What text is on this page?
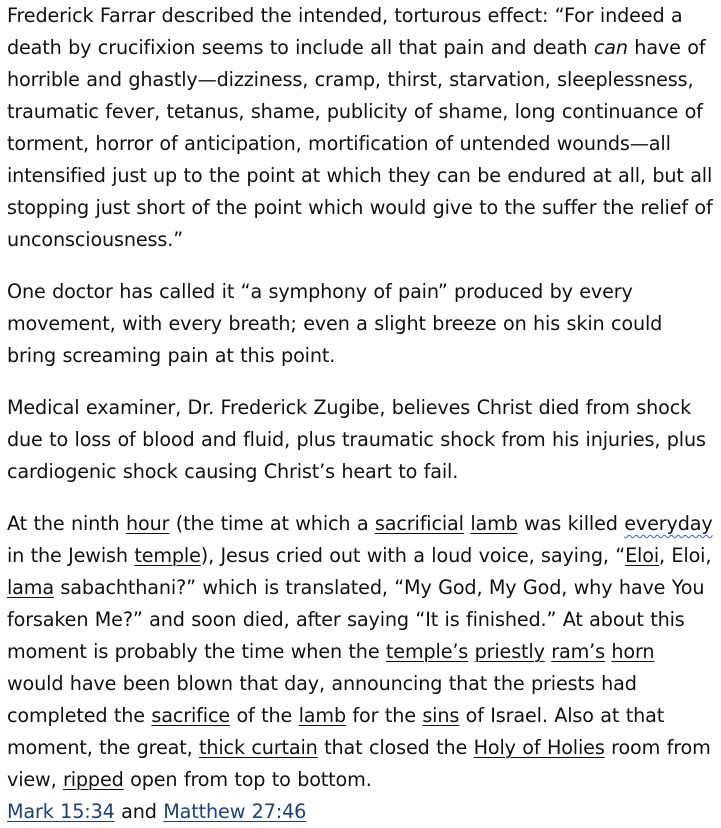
Frederick Farrar described the intended, torturous effect: “For indeed a death by crucifixion seems to include all that pain and death can have of horrible and ghastly—dizziness, cramp, thirst, starvation, sleeplessness, traumatic fever, tetanus, shame, publicity of shame, long continuance of torment, horror of anticipation, mortification of untended wounds—all intensified just up to the point at which they can be endured at all, but all stopping just short of the point which would give to the suffer the relief of unconsciousness.”

One doctor has called it “a symphony of pain” produced by every movement, with every breath; even a slight breeze on his skin could bring screaming pain at this point.

Medical examiner, Dr. Frederick Zugibe, believes Christ died from shock due to loss of blood and fluid, plus traumatic shock from his injuries, plus cardiogenic shock causing Christ’s heart to fail.

At the ninth hour (the time at which a sacrificial lamb was killed everyday in the Jewish temple), Jesus cried out with a loud voice, saying, “Eloi, Eloi, lama sabachthani?” which is translated, “My God, My God, why have You forsaken Me?” and soon died, after saying “It is finished.” At about this moment is probably the time when the temple’s priestly ram’s horn would have been blown that day, announcing that the priests had completed the sacrifice of the lamb for the sins of Israel. Also at that moment, the great, thick curtain that closed the Holy of Holies room from view, ripped open from top to bottom.

Mark 15:34 and Matthew 27:46
